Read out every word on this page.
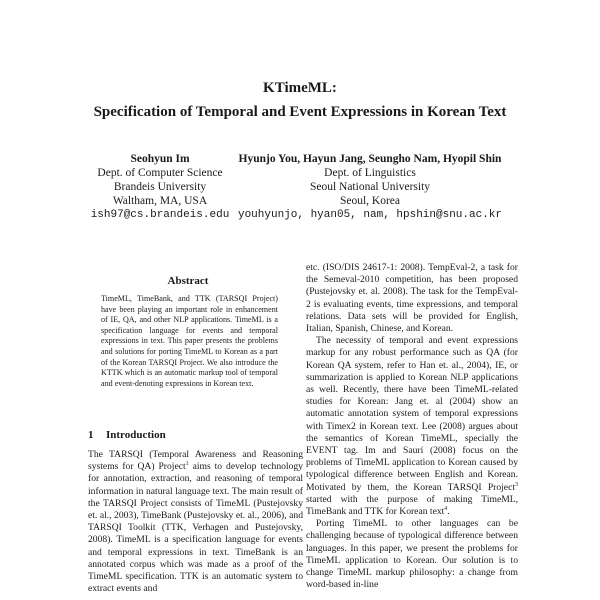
KTimeML:
Specification of Temporal and Event Expressions in Korean Text
Seohyun Im
Dept. of Computer Science
Brandeis University
Waltham, MA, USA
ish97@cs.brandeis.edu
Hyunjo You, Hayun Jang, Seungho Nam, Hyopil Shin
Dept. of Linguistics
Seoul National University
Seoul, Korea
youhyunjo, hyan05, nam, hpshin@snu.ac.kr
Abstract
TimeML, TimeBank, and TTK (TARSQI Project) have been playing an important role in enhancement of IE, QA, and other NLP applications. TimeML is a specification language for events and temporal expressions in text. This paper presents the problems and solutions for porting TimeML to Korean as a part of the Korean TARSQI Project. We also introduce the KTTK which is an automatic markup tool of temporal and event-denoting expressions in Korean text.
1 Introduction

The TARSQI (Temporal Awareness and Reasoning systems for QA) Project$^1$ aims to develop technology for annotation, extraction, and reasoning of temporal information in natural language text. The main result of the TARSQI Project consists of TimeML (Pustejovsky et. al., 2003), TimeBank (Pustejovsky et. al., 2006), and TARSQI Toolkit (TTK, Verhagen and Pustejovsky, 2008). TimeML is a specification language for events and temporal expressions in text. TimeBank is an annotated corpus which was made as a proof of the TimeML specification. TTK is an automatic system to extract events and

etc. (ISO/DIS 24617-1: 2008). TempEval-2, a task for the Semeval-2010 competition, has been proposed (Pustejovsky et. al. 2008). The task for the TempEval-2 is evaluating events, time expressions, and temporal relations. Data sets will be provided for English, Italian, Spanish, Chinese, and Korean.

The necessity of temporal and event expressions markup for any robust performance such as QA (for Korean QA system, refer to Han et. al., 2004), IE, or summarization is applied to Korean NLP applications as well. Recently, there have been TimeML-related studies for Korean: Jang et. al (2004) show an automatic annotation system of temporal expressions with Timex2 in Korean text. Lee (2008) argues about the semantics of Korean TimeML, specially the EVENT tag. Im and Saurí (2008) focus on the problems of TimeML application to Korean caused by typological difference between English and Korean. Motivated by them, the Korean TARSQI Project$^3$ started with the purpose of making TimeML, TimeBank and TTK for Korean text$^4$.

Porting TimeML to other languages can be challenging because of typological difference between languages. In this paper, we present the problems for TimeML application to Korean. Our solution is to change TimeML markup philosophy: a change from word-based in-line
